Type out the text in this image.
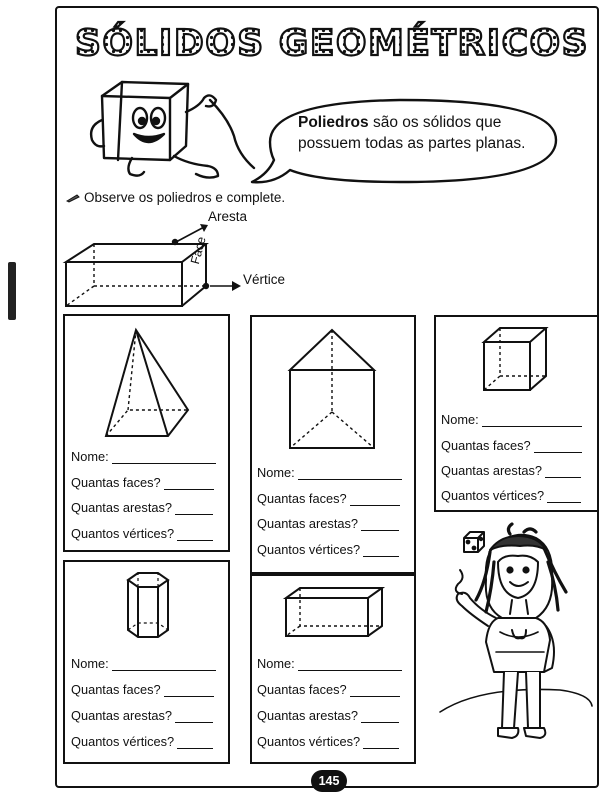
SÓLIDOS GEOMÉTRICOS
Poliedros são os sólidos que possuem todas as partes planas.
Observe os poliedros e complete.
Aresta
Face
Vértice
Nome:
Quantas faces?
Quantas arestas?
Quantos vértices?
Nome:
Quantas faces?
Quantas arestas?
Quantos vértices?
Nome:
Quantas faces?
Quantas arestas?
Quantos vértices?
Nome:
Quantas faces?
Quantas arestas?
Quantos vértices?
Nome:
Quantas faces?
Quantas arestas?
Quantos vértices?
145
